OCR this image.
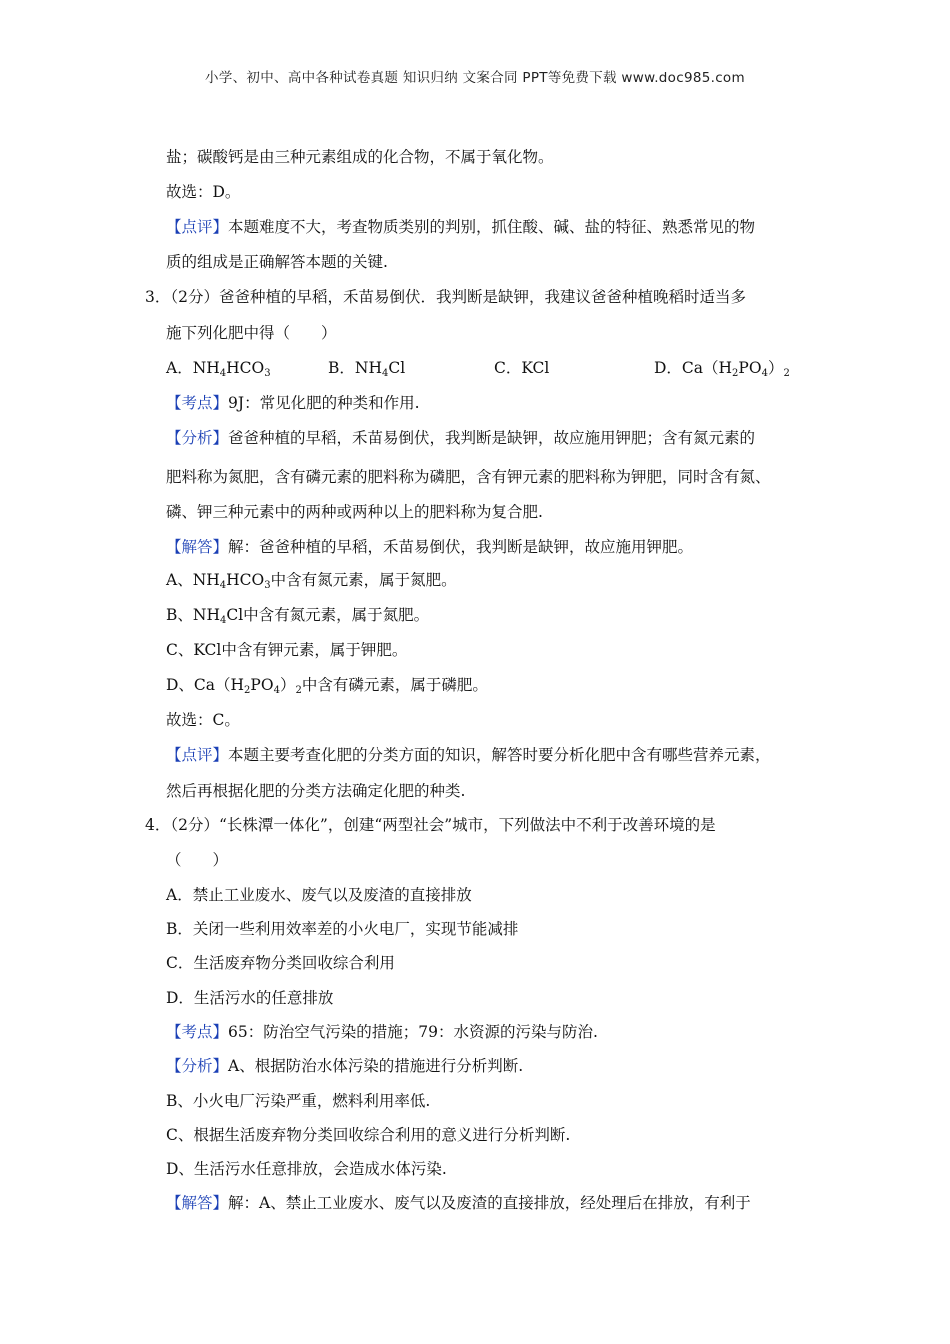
小学、初中、高中各种试卷真题 知识归纳 文案合同 PPT等免费下载 www.doc985.com
盐；碳酸钙是由三种元素组成的化合物，不属于氧化物。
故选：D。
【点评】本题难度不大，考查物质类别的判别，抓住酸、碱、盐的特征、熟悉常见的物
质的组成是正确解答本题的关键.
3．（2分）爸爸种植的早稻，禾苗易倒伏．我判断是缺钾，我建议爸爸种植晚稻时适当多
施下列化肥中得（　　）
A．$NH_4HCO_3$	B．$NH_4Cl$	C．KCl	D．$Ca(H_2PO_4)_2$
【考点】9J：常见化肥的种类和作用.
【分析】爸爸种植的早稻，禾苗易倒伏，我判断是缺钾，故应施用钾肥；含有氮元素的
肥料称为氮肥，含有磷元素的肥料称为磷肥，含有钾元素的肥料称为钾肥，同时含有氮、
磷、钾三种元素中的两种或两种以上的肥料称为复合肥.
【解答】解：爸爸种植的早稻，禾苗易倒伏，我判断是缺钾，故应施用钾肥。
A、$NH_4HCO_3$中含有氮元素，属于氮肥。
B、$NH_4Cl$中含有氮元素，属于氮肥。
C、KCl中含有钾元素，属于钾肥。
D、$Ca(H_2PO_4)_2$中含有磷元素，属于磷肥。
故选：C。
【点评】本题主要考查化肥的分类方面的知识，解答时要分析化肥中含有哪些营养元素，
然后再根据化肥的分类方法确定化肥的种类.
4．（2分）“长株潭一体化”，创建“两型社会”城市，下列做法中不利于改善环境的是
（　　）
A．禁止工业废水、废气以及废渣的直接排放
B．关闭一些利用效率差的小火电厂，实现节能减排
C．生活废弃物分类回收综合利用
D．生活污水的任意排放
【考点】65：防治空气污染的措施；79：水资源的污染与防治.
【分析】A、根据防治水体污染的措施进行分析判断.
B、小火电厂污染严重，燃料利用率低.
C、根据生活废弃物分类回收综合利用的意义进行分析判断.
D、生活污水任意排放，会造成水体污染.
【解答】解：A、禁止工业废水、废气以及废渣的直接排放，经处理后在排放，有利于
